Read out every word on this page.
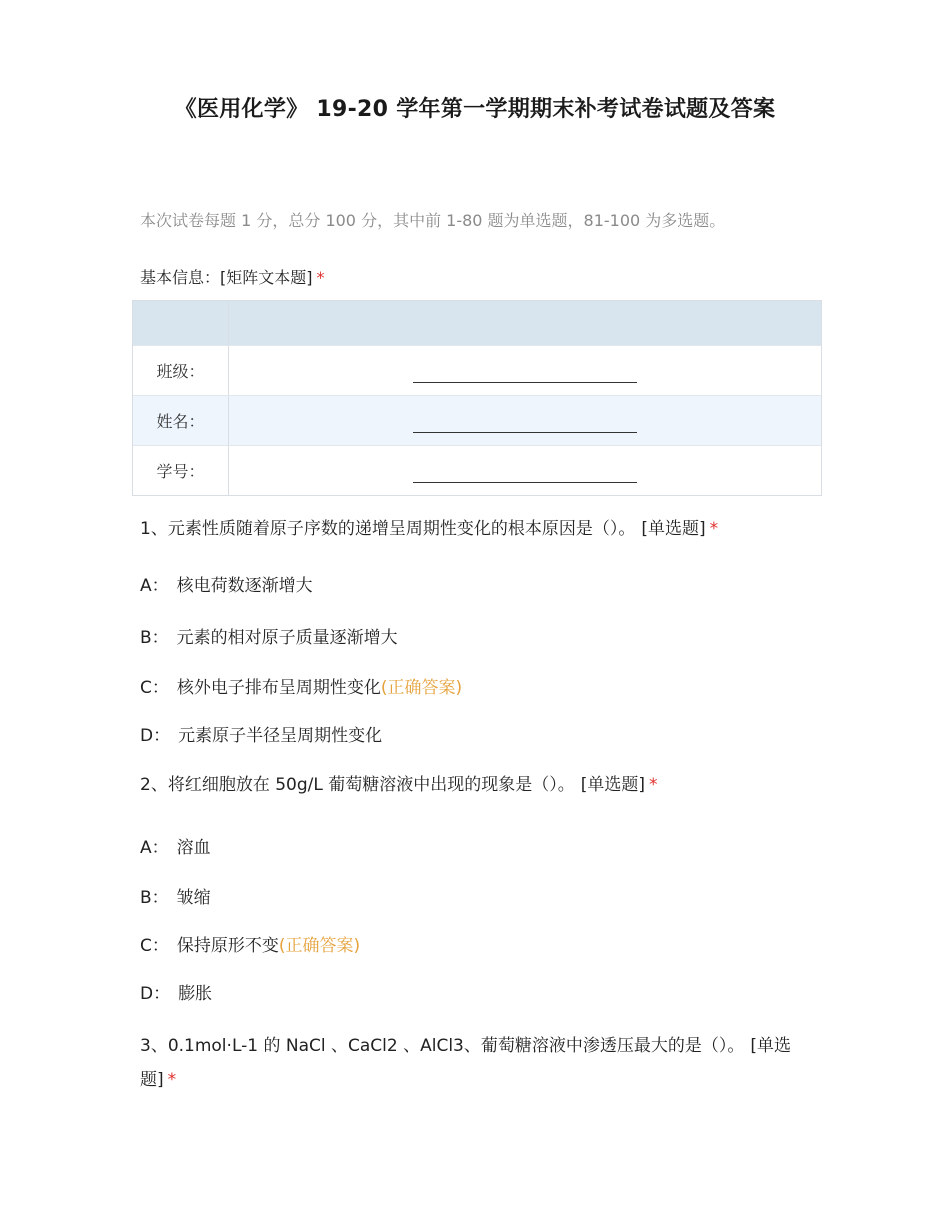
《医用化学》 19-20 学年第一学期期末补考试卷试题及答案
本次试卷每题 1 分，总分 100 分，其中前 1-80 题为单选题，81-100 为多选题。
基本信息：[矩阵文本题] *
班级：
姓名：
学号：
1、元素性质随着原子序数的递增呈周期性变化的根本原因是（）。 [单选题] *
A： 核电荷数逐渐增大
B： 元素的相对原子质量逐渐增大
C： 核外电子排布呈周期性变化(正确答案)
D： 元素原子半径呈周期性变化
2、将红细胞放在 50g/L 葡萄糖溶液中出现的现象是（）。 [单选题] *
A： 溶血
B： 皱缩
C： 保持原形不变(正确答案)
D： 膨胀
3、0.1mol·L-1 的 NaCl 、CaCl2 、AlCl3、葡萄糖溶液中渗透压最大的是（）。 [单选题] *
